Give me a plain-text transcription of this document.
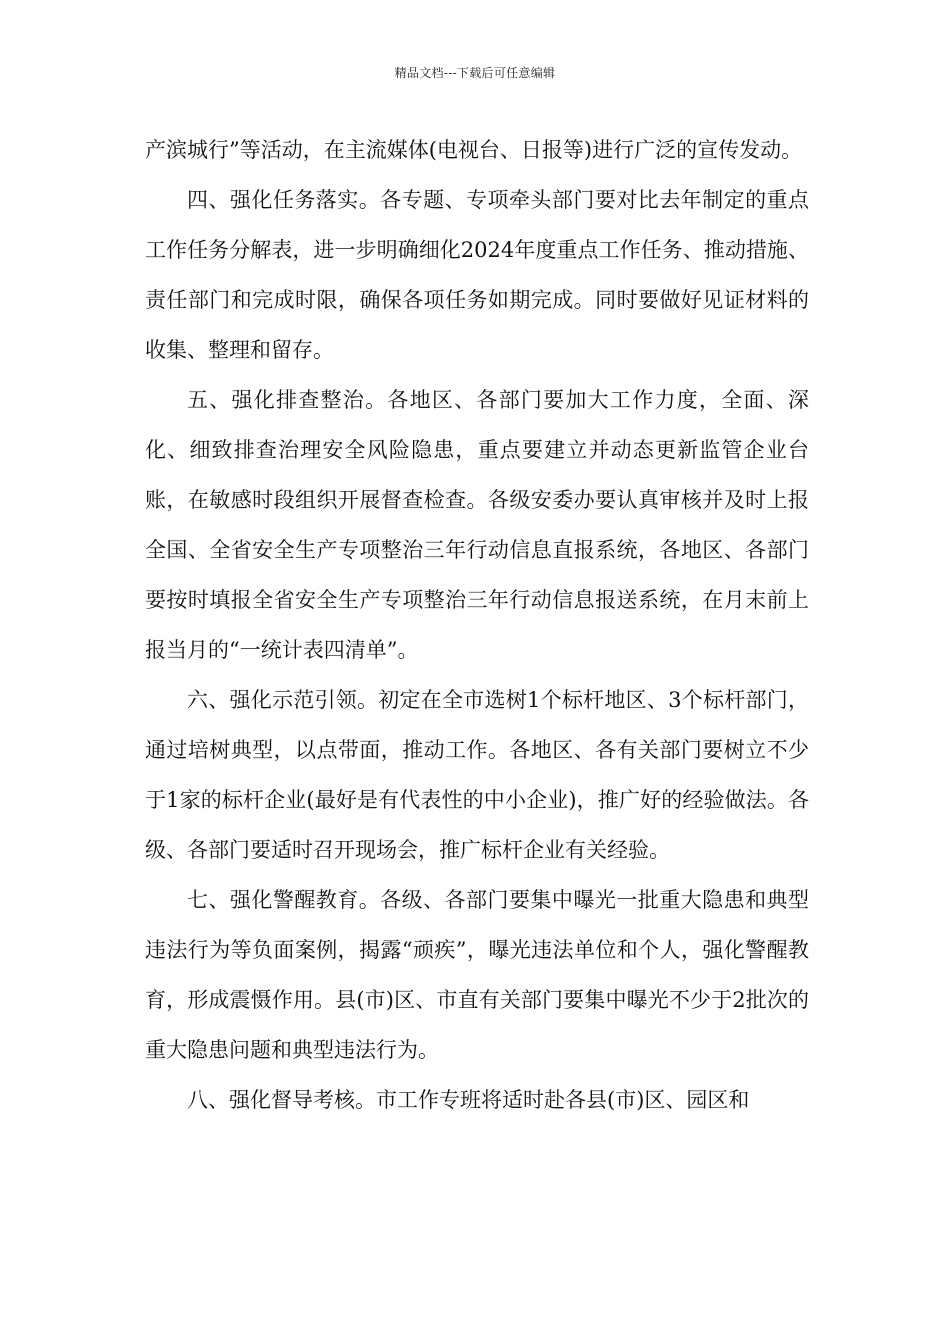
精品文档---下载后可任意编辑

产滨城行”等活动，在主流媒体(电视台、日报等)进行广泛的宣传发动。

四、强化任务落实。各专题、专项牵头部门要对比去年制定的重点工作任务分解表，进一步明确细化2024年度重点工作任务、推动措施、责任部门和完成时限，确保各项任务如期完成。同时要做好见证材料的收集、整理和留存。

五、强化排查整治。各地区、各部门要加大工作力度，全面、深化、细致排查治理安全风险隐患，重点要建立并动态更新监管企业台账，在敏感时段组织开展督查检查。各级安委办要认真审核并及时上报全国、全省安全生产专项整治三年行动信息直报系统，各地区、各部门要按时填报全省安全生产专项整治三年行动信息报送系统，在月末前上报当月的“一统计表四清单”。

六、强化示范引领。初定在全市选树1个标杆地区、3个标杆部门，通过培树典型，以点带面，推动工作。各地区、各有关部门要树立不少于1家的标杆企业(最好是有代表性的中小企业)，推广好的经验做法。各级、各部门要适时召开现场会，推广标杆企业有关经验。

七、强化警醒教育。各级、各部门要集中曝光一批重大隐患和典型违法行为等负面案例，揭露“顽疾”，曝光违法单位和个人，强化警醒教育，形成震慑作用。县(市)区、市直有关部门要集中曝光不少于2批次的重大隐患问题和典型违法行为。

八、强化督导考核。市工作专班将适时赴各县(市)区、园区和
